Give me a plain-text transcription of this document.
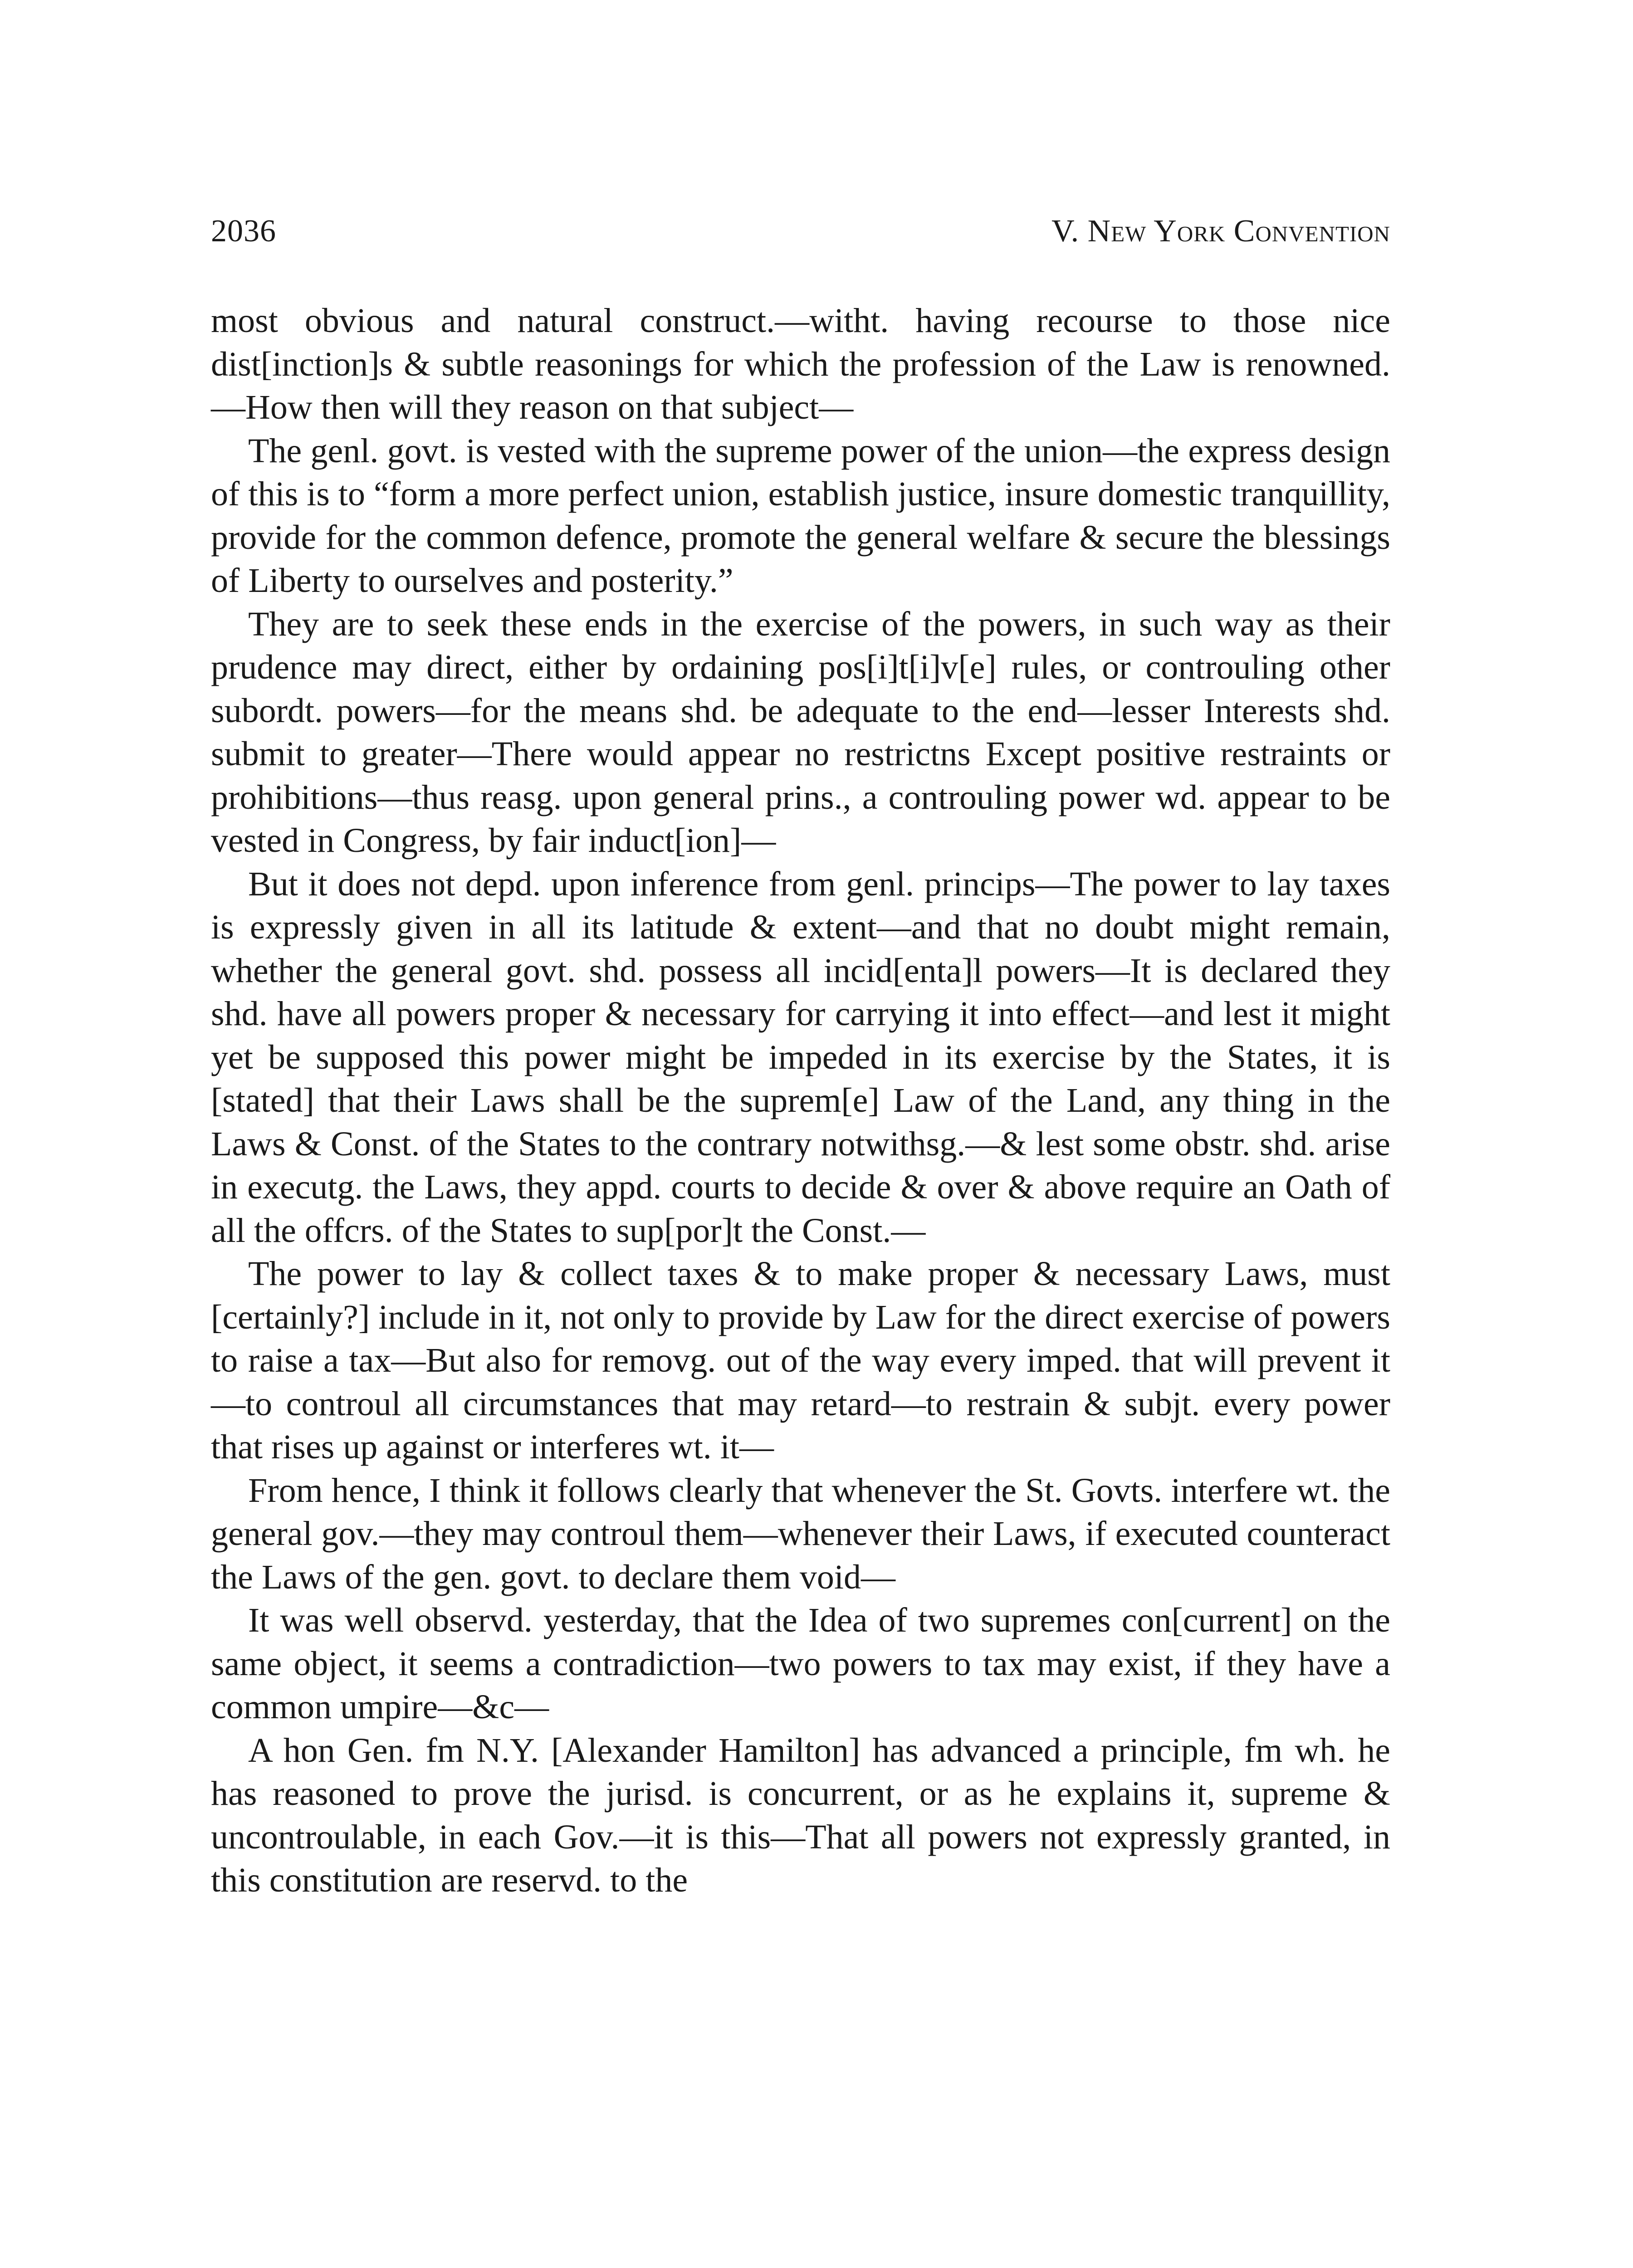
2036	V. New York Convention

most obvious and natural construct.—witht. having recourse to those nice dist[inction]s & subtle reasonings for which the profession of the Law is renowned.—How then will they reason on that subject—

The genl. govt. is vested with the supreme power of the union—the express design of this is to “form a more perfect union, establish justice, insure domestic tranquillity, provide for the common defence, promote the general welfare & secure the blessings of Liberty to ourselves and posterity.”

They are to seek these ends in the exercise of the powers, in such way as their prudence may direct, either by ordaining pos[i]t[i]v[e] rules, or controuling other subordt. powers—for the means shd. be adequate to the end—lesser Interests shd. submit to greater—There would appear no restrictns Except positive restraints or prohibitions—thus reasg. upon general prins., a controuling power wd. appear to be vested in Congress, by fair induct[ion]—

But it does not depd. upon inference from genl. princips—The power to lay taxes is expressly given in all its latitude & extent—and that no doubt might remain, whether the general govt. shd. possess all incid[enta]l powers—It is declared they shd. have all powers proper & necessary for carrying it into effect—and lest it might yet be supposed this power might be impeded in its exercise by the States, it is [stated] that their Laws shall be the suprem[e] Law of the Land, any thing in the Laws & Const. of the States to the contrary notwithsg.—& lest some obstr. shd. arise in executg. the Laws, they appd. courts to decide & over & above require an Oath of all the offcrs. of the States to sup[por]t the Const.—

The power to lay & collect taxes & to make proper & necessary Laws, must [certainly?] include in it, not only to provide by Law for the direct exercise of powers to raise a tax—But also for removg. out of the way every imped. that will prevent it—to controul all circumstances that may retard—to restrain & subjt. every power that rises up against or interferes wt. it—

From hence, I think it follows clearly that whenever the St. Govts. interfere wt. the general gov.—they may controul them—whenever their Laws, if executed counteract the Laws of the gen. govt. to declare them void—

It was well observd. yesterday, that the Idea of two supremes con[current] on the same object, it seems a contradiction—two powers to tax may exist, if they have a common umpire—&c—

A hon Gen. fm N.Y. [Alexander Hamilton] has advanced a principle, fm wh. he has reasoned to prove the jurisd. is concurrent, or as he explains it, supreme & uncontroulable, in each Gov.—it is this—That all powers not expressly granted, in this constitution are reservd. to the
